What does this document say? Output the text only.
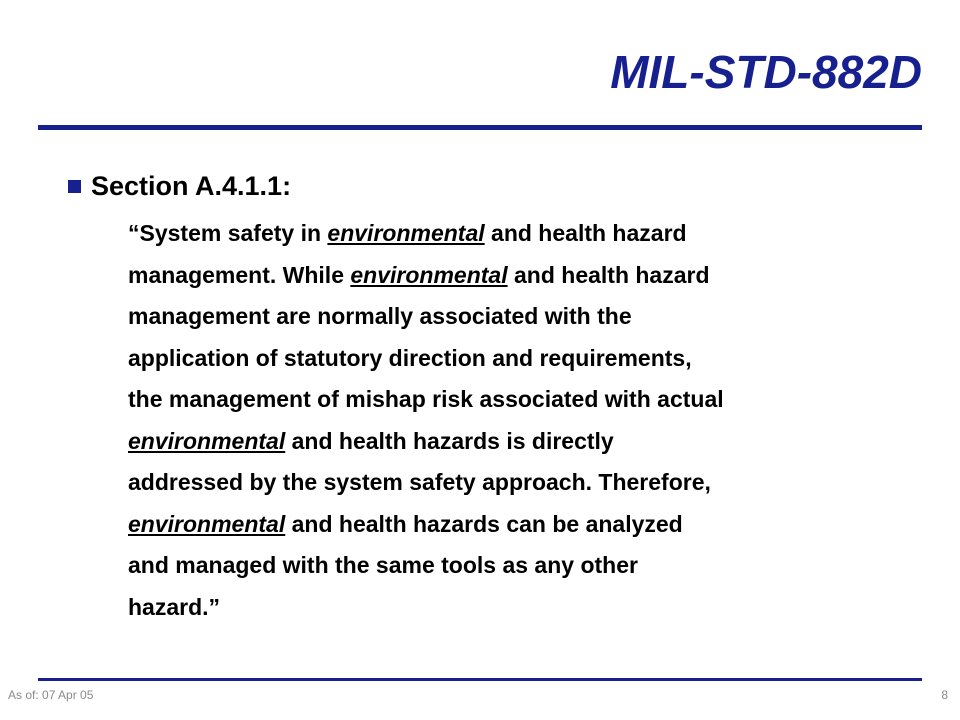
MIL-STD-882D
Section A.4.1.1:

“System safety in environmental and health hazard
management. While environmental and health hazard
management are normally associated with the
application of statutory direction and requirements,
the management of mishap risk associated with actual
environmental and health hazards is directly
addressed by the system safety approach. Therefore,
environmental and health hazards can be analyzed
and managed with the same tools as any other
hazard.”

As of: 07 Apr 05	8
